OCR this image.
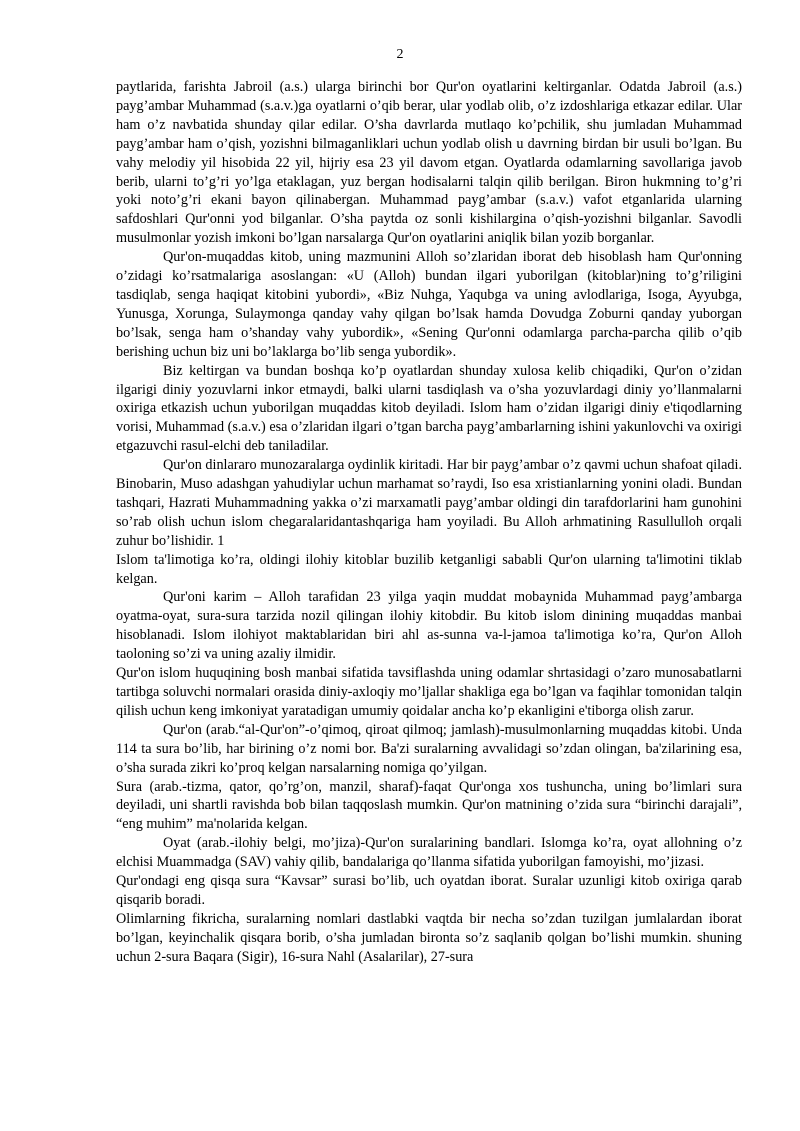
2

paytlarida, farishta Jabroil (a.s.) ularga birinchi bor Qur'on oyatlarini keltirganlar. Odatda Jabroil (a.s.) payg’ambar Muhammad (s.a.v.)ga oyatlarni o’qib berar, ular yodlab olib, o’z izdoshlariga etkazar edilar. Ular ham o’z navbatida shunday qilar edilar. O’sha davrlarda mutlaqo ko’pchilik, shu jumladan Muhammad payg’ambar ham o’qish, yozishni bilmaganliklari uchun yodlab olish u davrning birdan bir usuli bo’lgan. Bu vahy melodiy yil hisobida 22 yil, hijriy esa 23 yil davom etgan. Oyatlarda odamlarning savollariga javob berib, ularni to’g’ri yo’lga etaklagan, yuz bergan hodisalarni talqin qilib berilgan. Biron hukmning to’g’ri yoki noto’g’ri ekani bayon qilinabergan. Muhammad payg’ambar (s.a.v.) vafot etganlarida ularning safdoshlari Qur'onni yod bilganlar. O’sha paytda oz sonli kishilargina o’qish-yozishni bilganlar. Savodli musulmonlar yozish imkoni bo’lgan narsalarga Qur'on oyatlarini aniqlik bilan yozib borganlar.

Qur'on-muqaddas kitob, uning mazmunini Alloh so’zlaridan iborat deb hisoblash ham Qur'onning o’zidagi ko’rsatmalariga asoslangan: «U (Alloh) bundan ilgari yuborilgan (kitoblar)ning to’g’riligini tasdiqlab, senga haqiqat kitobini yubordi», «Biz Nuhga, Yaqubga va uning avlodlariga, Isoga, Ayyubga, Yunusga, Xorunga, Sulaymonga qanday vahy qilgan bo’lsak hamda Dovudga Zoburni qanday yuborgan bo’lsak, senga ham o’shanday vahy yubordik», «Sening Qur'onni odamlarga parcha-parcha qilib o’qib berishing uchun biz uni bo’laklarga bo’lib senga yubordik».

Biz keltirgan va bundan boshqa ko’p oyatlardan shunday xulosa kelib chiqadiki, Qur'on o’zidan ilgarigi diniy yozuvlarni inkor etmaydi, balki ularni tasdiqlash va o’sha yozuvlardagi diniy yo’llanmalarni oxiriga etkazish uchun yuborilgan muqaddas kitob deyiladi. Islom ham o’zidan ilgarigi diniy e'tiqodlarning vorisi, Muhammad (s.a.v.) esa o’zlaridan ilgari o’tgan barcha payg’ambarlarning ishini yakunlovchi va oxirigi etgazuvchi rasul-elchi deb taniladilar.

Qur'on dinlararo munozaralarga oydinlik kiritadi. Har bir payg’ambar o’z qavmi uchun shafoat qiladi. Binobarin, Muso adashgan yahudiylar uchun marhamat so’raydi, Iso esa xristianlarning yonini oladi. Bundan tashqari, Hazrati Muhammadning yakka o’zi marxamatli payg’ambar oldingi din tarafdorlarini ham gunohini so’rab olish uchun islom chegaralaridantashqariga ham yoyiladi. Bu Alloh arhmatining Rasullulloh orqali zuhur bo’lishidir. 1

Islom ta'limotiga ko’ra, oldingi ilohiy kitoblar buzilib ketganligi sababli Qur'on ularning ta'limotini tiklab kelgan.

Qur'oni karim – Alloh tarafidan 23 yilga yaqin muddat mobaynida Muhammad payg’ambarga oyatma-oyat, sura-sura tarzida nozil qilingan ilohiy kitobdir. Bu kitob islom dinining muqaddas manbai hisoblanadi. Islom ilohiyot maktablaridan biri ahl as-sunna va-l-jamoa ta'limotiga ko’ra, Qur'on Alloh taoloning so’zi va uning azaliy ilmidir.

Qur'on islom huquqining bosh manbai sifatida tavsiflashda uning odamlar shrtasidagi o’zaro munosabatlarni tartibga soluvchi normalari orasida diniy-axloqiy mo’ljallar shakliga ega bo’lgan va faqihlar tomonidan talqin qilish uchun keng imkoniyat yaratadigan umumiy qoidalar ancha ko’p ekanligini e'tiborga olish zarur.

Qur'on (arab.“al-Qur'on”-o’qimoq, qiroat qilmoq; jamlash)-musulmonlarning muqaddas kitobi. Unda 114 ta sura bo’lib, har birining o’z nomi bor. Ba'zi suralarning avvalidagi so’zdan olingan, ba'zilarining esa, o’sha surada zikri ko’proq kelgan narsalarning nomiga qo’yilgan.

Sura (arab.-tizma, qator, qo’rg’on, manzil, sharaf)-faqat Qur'onga xos tushuncha, uning bo’limlari sura deyiladi, uni shartli ravishda bob bilan taqqoslash mumkin. Qur'on matnining o’zida sura “birinchi darajali”, “eng muhim” ma'nolarida kelgan.

Oyat (arab.-ilohiy belgi, mo’jiza)-Qur'on suralarining bandlari. Islomga ko’ra, oyat allohning o’z elchisi Muammadga (SAV) vahiy qilib, bandalariga qo’llanma sifatida yuborilgan famoyishi, mo’jizasi.

Qur'ondagi eng qisqa sura “Kavsar” surasi bo’lib, uch oyatdan iborat. Suralar uzunligi kitob oxiriga qarab qisqarib boradi.

Olimlarning fikricha, suralarning nomlari dastlabki vaqtda bir necha so’zdan tuzilgan jumlalardan iborat bo’lgan, keyinchalik qisqara borib, o’sha jumladan bironta so’z saqlanib qolgan bo’lishi mumkin. shuning uchun 2-sura Baqara (Sigir), 16-sura Nahl (Asalarilar), 27-sura
